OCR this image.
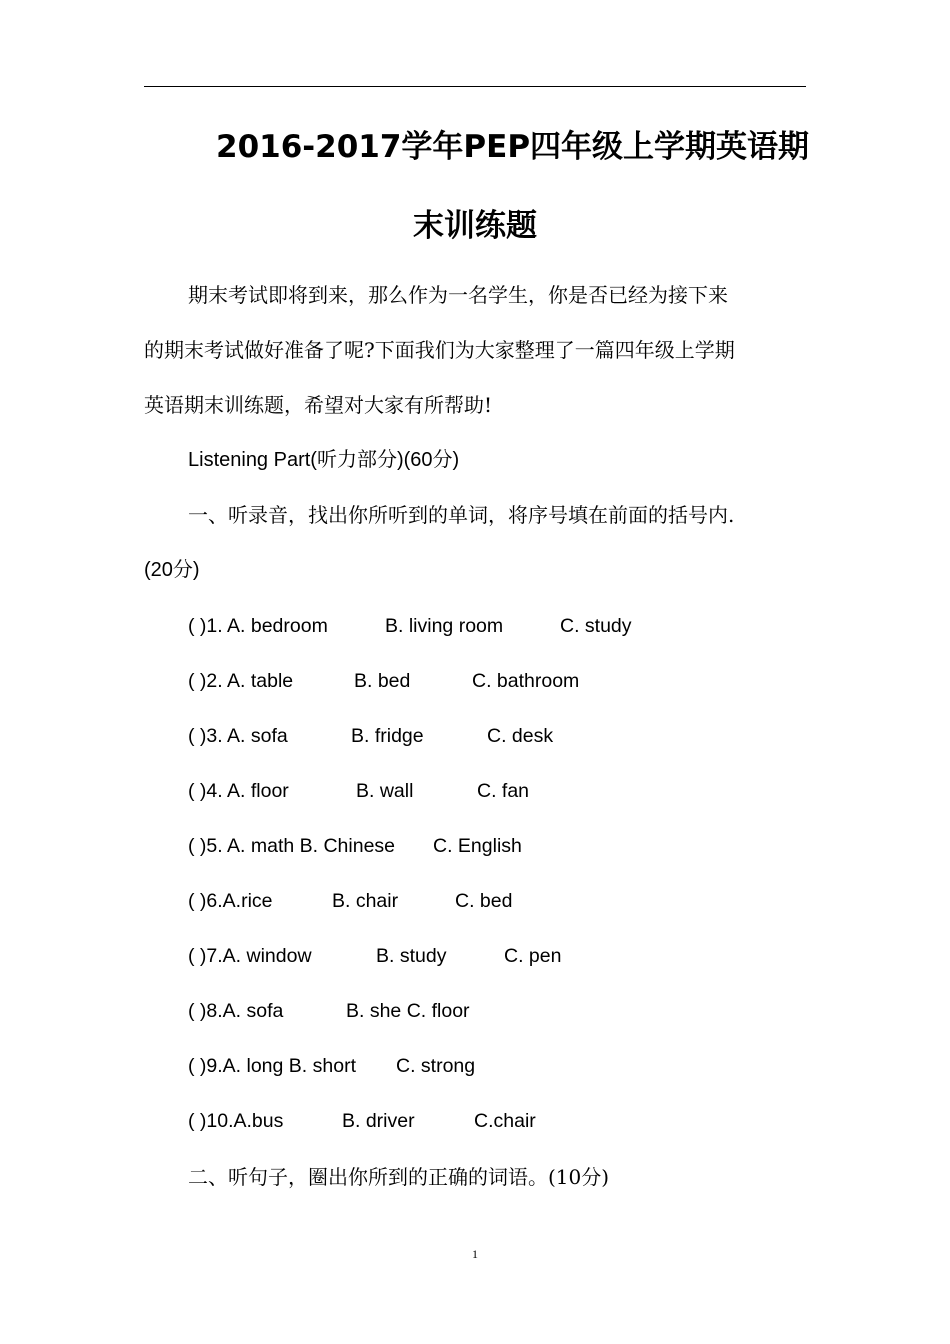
2016-2017学年PEP四年级上学期英语期
末训练题
期末考试即将到来，那么作为一名学生，你是否已经为接下来
的期末考试做好准备了呢?下面我们为大家整理了一篇四年级上学期
英语期末训练题，希望对大家有所帮助!
Listening Part(听力部分)(60分)
一、听录音，找出你所听到的单词，将序号填在前面的括号内.
(20分)
( )1. A. bedroom	B. living room	C. study
( )2. A. table	B. bed	C. bathroom
( )3. A. sofa	B. fridge	C. desk
( )4. A. floor	B. wall	C. fan
( )5. A. math B. Chinese C. English
( )6.A.rice	B. chair	C. bed
( )7.A. window	B. study	C. pen
( )8.A. sofa	B. she C. floor
( )9.A. long B. short C. strong
( )10.A.bus	B. driver	C.chair
二、听句子，圈出你所到的正确的词语。(10分)
1
